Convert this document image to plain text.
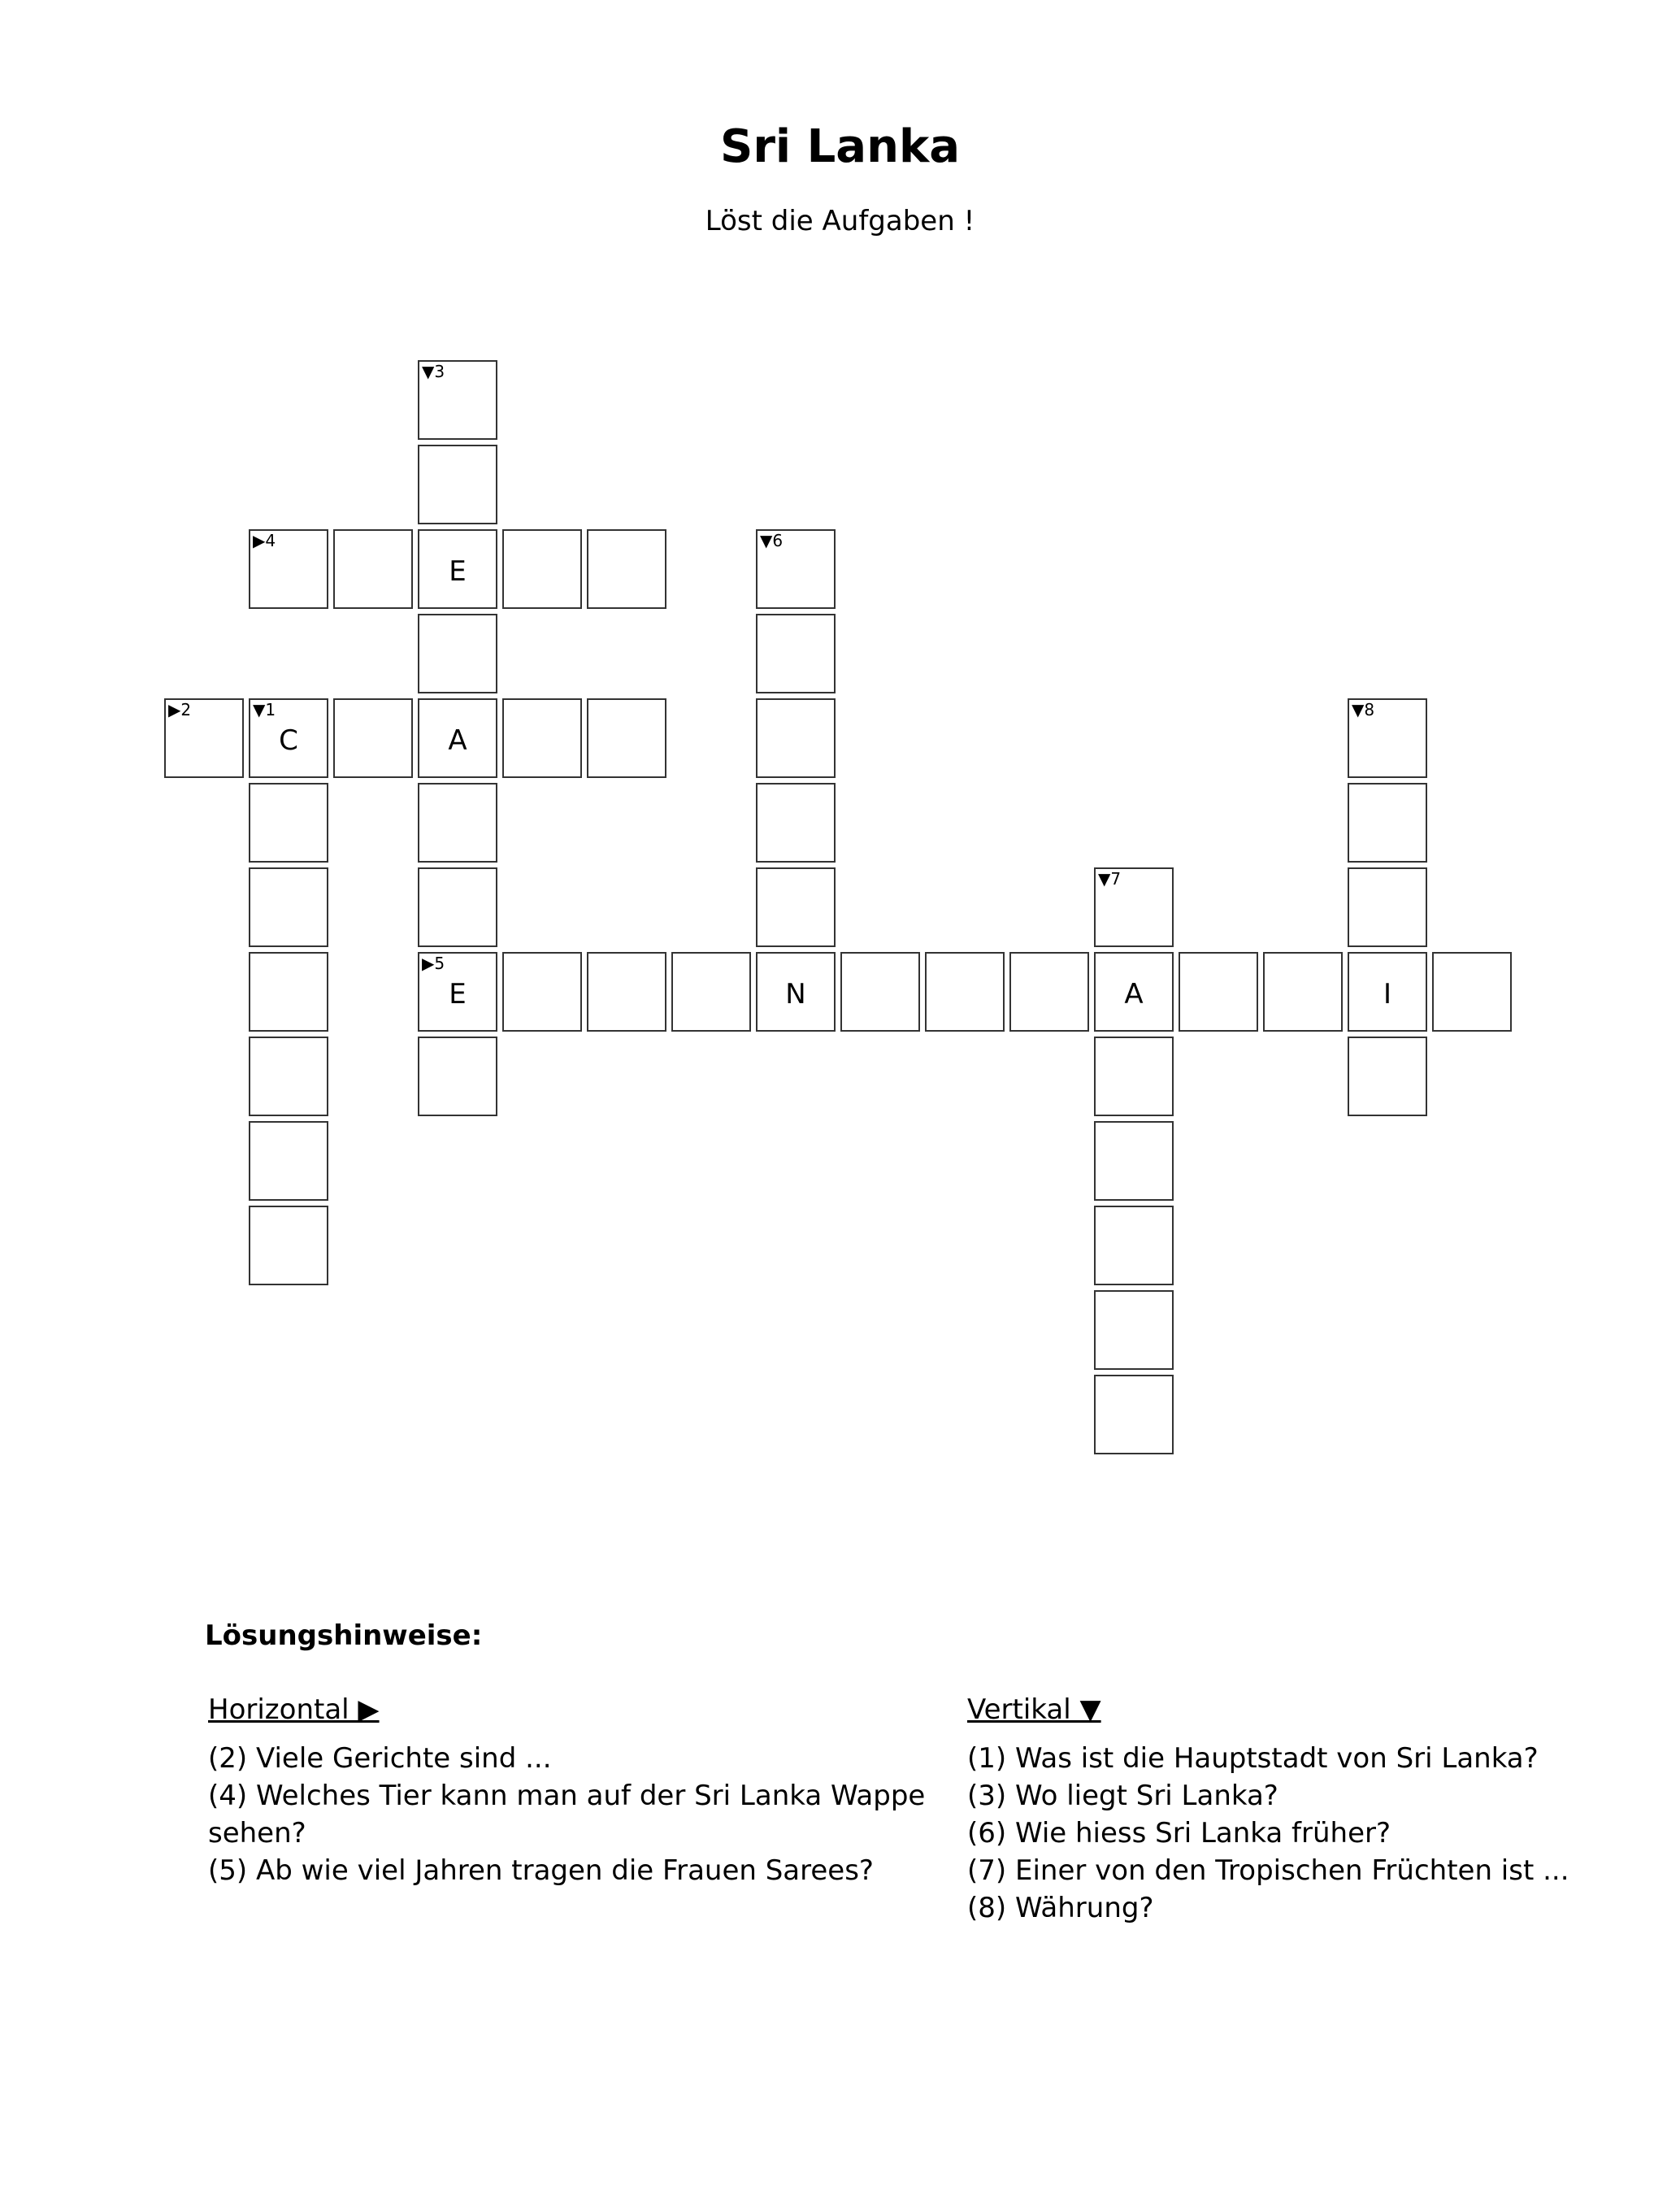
Sri Lanka
Löst die Aufgaben !
▼3
▶4
E
▼6
▶2	▼1
C	A
▼8
▼7
▶5
E	N	A	I
Lösungshinweise:
Horizontal ▶

(2) Viele Gerichte sind ...

(4) Welches Tier kann man auf der Sri Lanka Wappe sehen?

(5) Ab wie viel Jahren tragen die Frauen Sarees?

Vertikal ▼

(1) Was ist die Hauptstadt von Sri Lanka?

(3) Wo liegt Sri Lanka?

(6) Wie hiess Sri Lanka früher?

(7) Einer von den Tropischen Früchten ist ...

(8) Währung?
